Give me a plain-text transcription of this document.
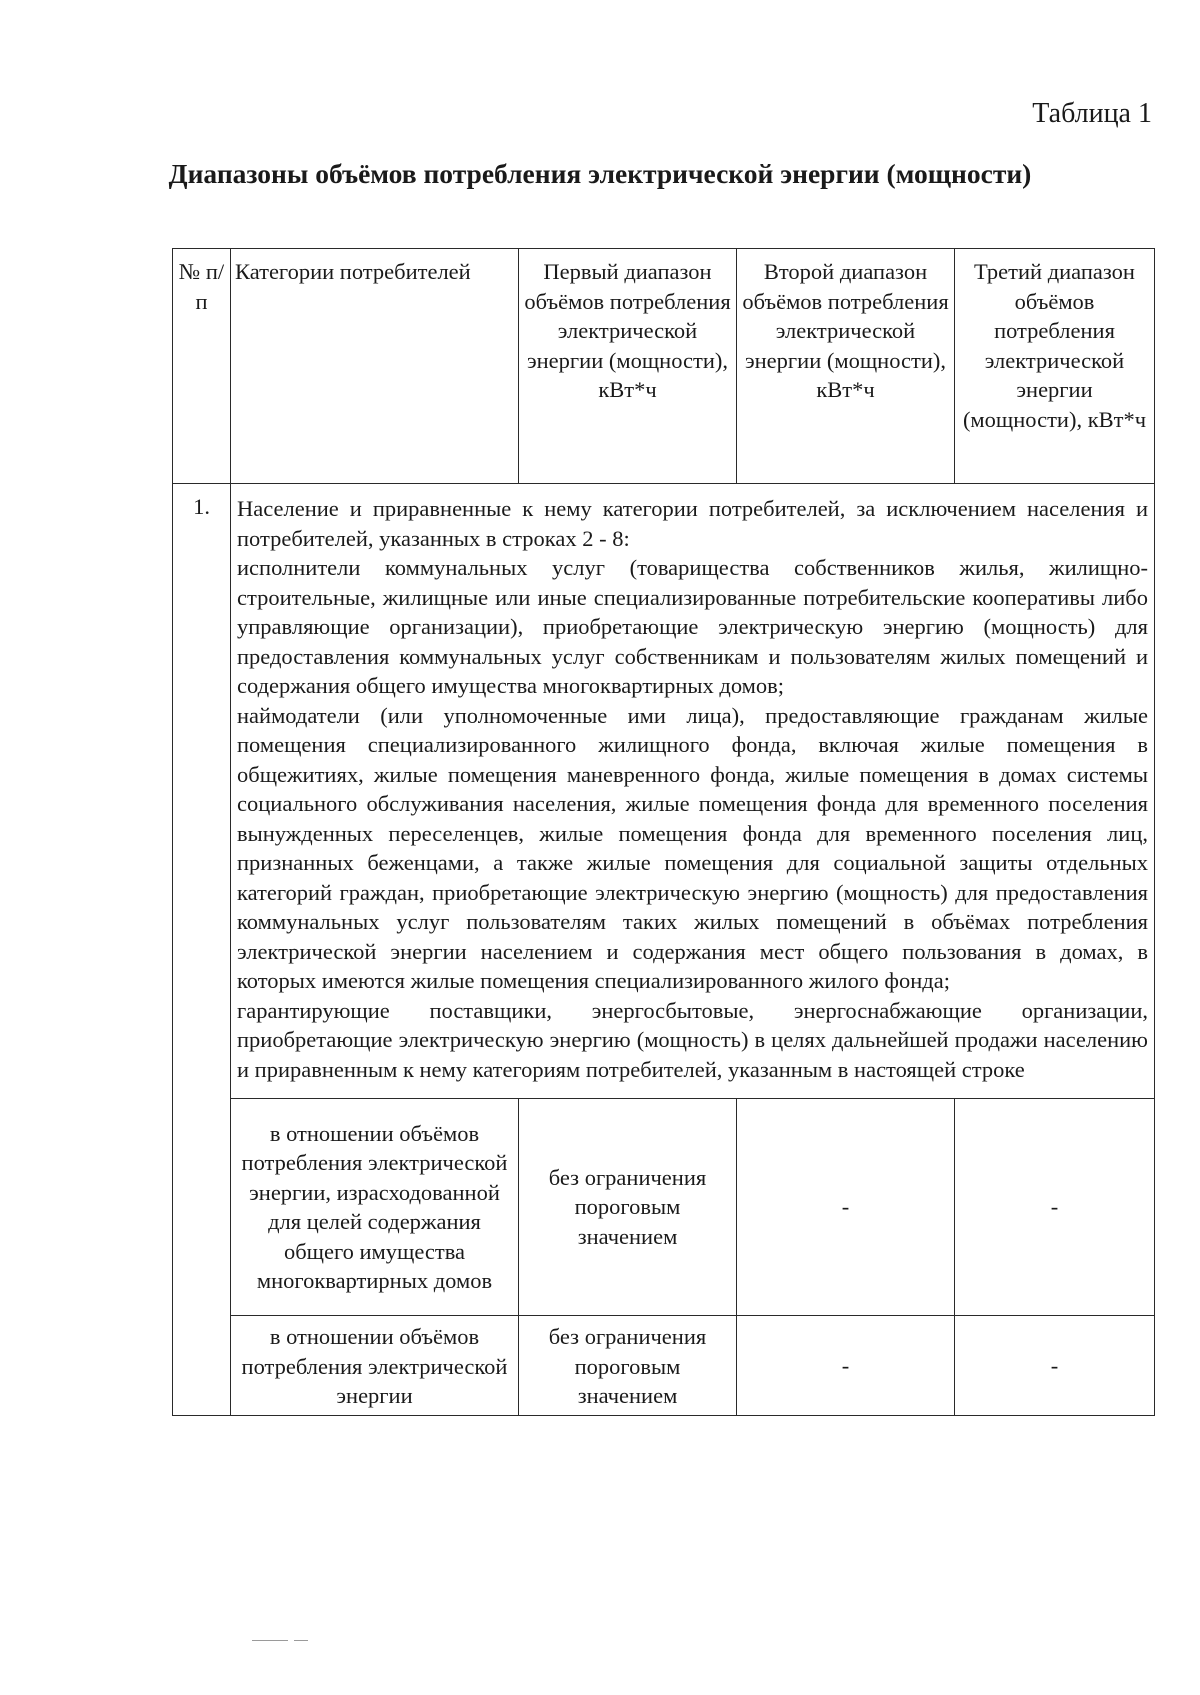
Таблица 1
Диапазоны объёмов потребления электрической энергии (мощности)
№ п/п	Категории потребителей	Первый диапазон объёмов потребления электрической энергии (мощности), кВт*ч	Второй диапазон объёмов потребления электрической энергии (мощности), кВт*ч	Третий диапазон объёмов потребления электрической энергии (мощности), кВт*ч
1.	Население и приравненные к нему категории потребителей, за исключением населения и потребителей, указанных в строках 2 - 8:

исполнители коммунальных услуг (товарищества собственников жилья, жилищно-строительные, жилищные или иные специализированные потребительские кооперативы либо управляющие организации), приобретающие электрическую энергию (мощность) для предоставления коммунальных услуг собственникам и пользователям жилых помещений и содержания общего имущества многоквартирных домов;

наймодатели (или уполномоченные ими лица), предоставляющие гражданам жилые помещения специализированного жилищного фонда, включая жилые помещения в общежитиях, жилые помещения маневренного фонда, жилые помещения в домах системы социального обслуживания населения, жилые помещения фонда для временного поселения вынужденных переселенцев, жилые помещения фонда для временного поселения лиц, признанных беженцами, а также жилые помещения для социальной защиты отдельных категорий граждан, приобретающие электрическую энергию (мощность) для предоставления коммунальных услуг пользователям таких жилых помещений в объёмах потребления электрической энергии населением и содержания мест общего пользования в домах, в которых имеются жилые помещения специализированного жилого фонда;

гарантирующие поставщики, энергосбытовые, энергоснабжающие организации, приобретающие электрическую энергию (мощность) в целях дальнейшей продажи населению и приравненным к нему категориям потребителей, указанным в настоящей строке			

	в отношении объёмов потребления электрической энергии, израсходованной для целей содержания общего имущества многоквартирных домов	без ограничения пороговым значением	-	-
	в отношении объёмов потребления электрической энергии	без ограничения пороговым значением	-	-
